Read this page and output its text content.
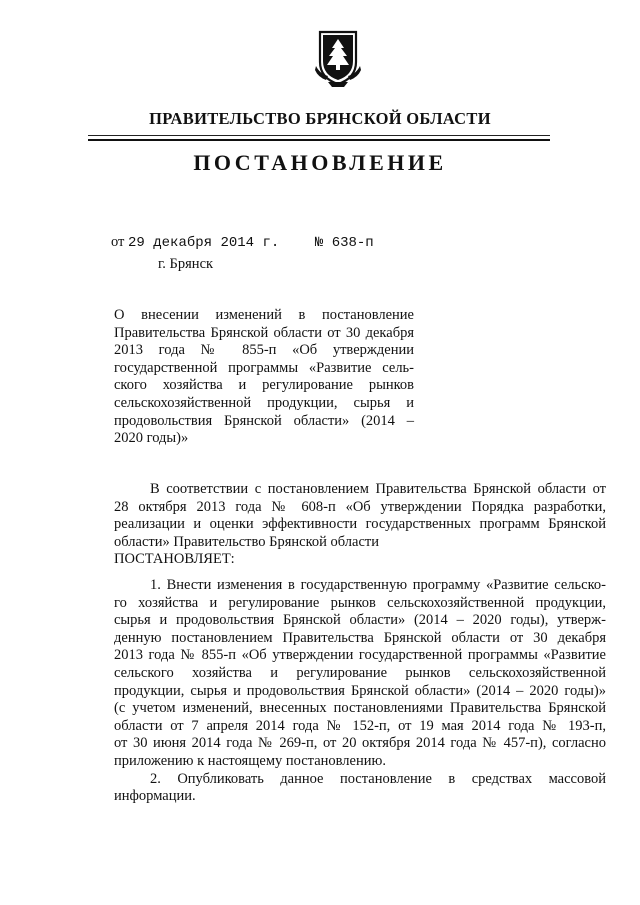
ПРАВИТЕЛЬСТВО БРЯНСКОЙ ОБЛАСТИ
ПОСТАНОВЛЕНИЕ
от 29 декабря 2014 г.	№ 638-п
г. Брянск
О внесении изменений в постановление
Правительства Брянской области от 30 декабря
2013 года № 855-п «Об утверждении
государственной программы «Развитие сель-
ского хозяйства и регулирование рынков
сельскохозяйственной продукции, сырья и
продовольствия Брянской области» (2014 –
2020 годы)»
В соответствии с постановлением Правительства Брянской области от
28 октября 2013 года № 608-п «Об утверждении Порядка разработки,
реализации и оценки эффективности государственных программ Брянской
области» Правительство Брянской области
ПОСТАНОВЛЯЕТ:
1. Внести изменения в государственную программу «Развитие сельско-
го хозяйства и регулирование рынков сельскохозяйственной продукции,
сырья и продовольствия Брянской области» (2014 – 2020 годы), утверж-
денную постановлением Правительства Брянской области от 30 декабря
2013 года № 855-п «Об утверждении государственной программы «Развитие
сельского хозяйства и регулирование рынков сельскохозяйственной
продукции, сырья и продовольствия Брянской области» (2014 – 2020 годы)»
(с учетом изменений, внесенных постановлениями Правительства Брянской
области от 7 апреля 2014 года № 152-п, от 19 мая 2014 года № 193-п,
от 30 июня 2014 года № 269-п, от 20 октября 2014 года № 457-п), согласно
приложению к настоящему постановлению.
2. Опубликовать данное постановление в средствах массовой
информации.
